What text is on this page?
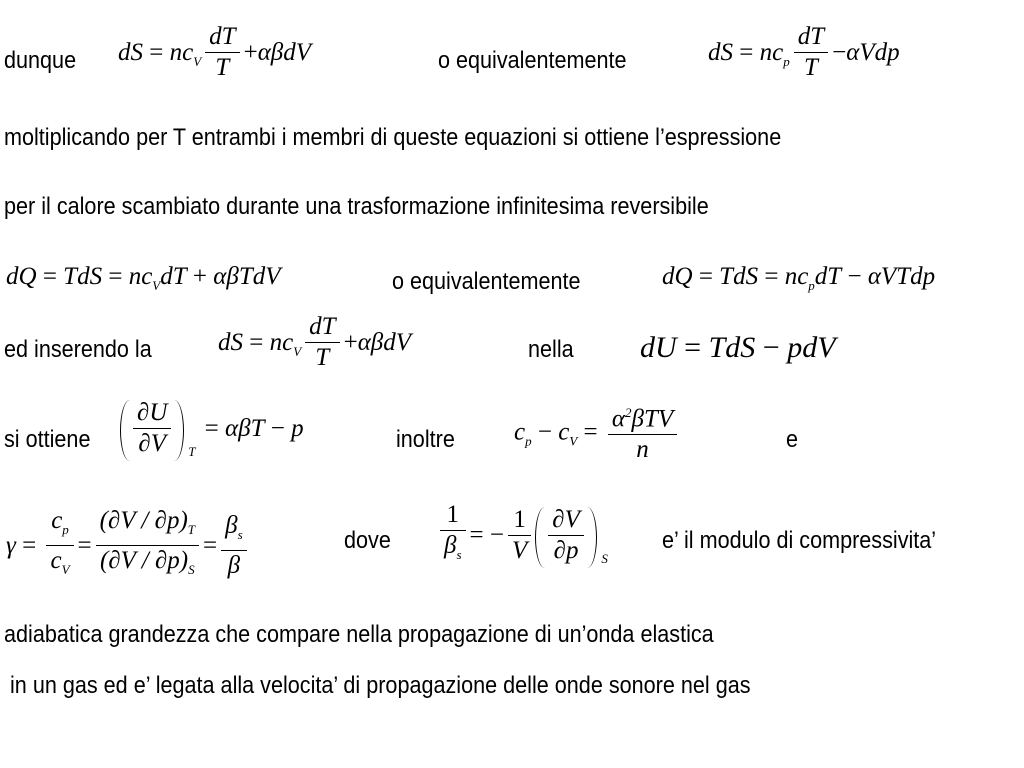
dunque dS = $nc_V \frac{dT}{T} +\alpha\beta dV$	o equivalentemente	dS = $nc_p \frac{dT}{T} -\alpha Vdp$
moltiplicando per T entrambi i membri di queste equazioni si ottiene l’espressione
per il calore scambiato durante una trasformazione infinitesima reversibile
dQ = TdS = $nc_VdT + \alpha\beta TdV$	o equivalentemente	dQ = TdS = $nc_pdT$ − αVTdp
ed inserendo la	dS = $nc_V \frac{dT}{T} +\alpha\beta dV$	nella dU = TdS − pdV
si ottiene $\frac{\partial U}{\partial V}$ T
= αβT − p	inoltre $c_p - c_V = \frac{\alpha^2\beta TV}{n}$	e
$\gamma = \frac{c_p}{c_V} = \frac{(\partial V / \partial p)_T}{(\partial V / \partial p)_S} = \frac{\beta_s}{\beta}$	dove $\frac{1}{\beta_s}$ = − $\frac{1}{V} \frac{\partial V}{\partial p}$ S
e’ il modulo di compressivita’
adiabatica grandezza che compare nella propagazione di un’onda elastica
in un gas ed e’ legata alla velocita’ di propagazione delle onde sonore nel gas
